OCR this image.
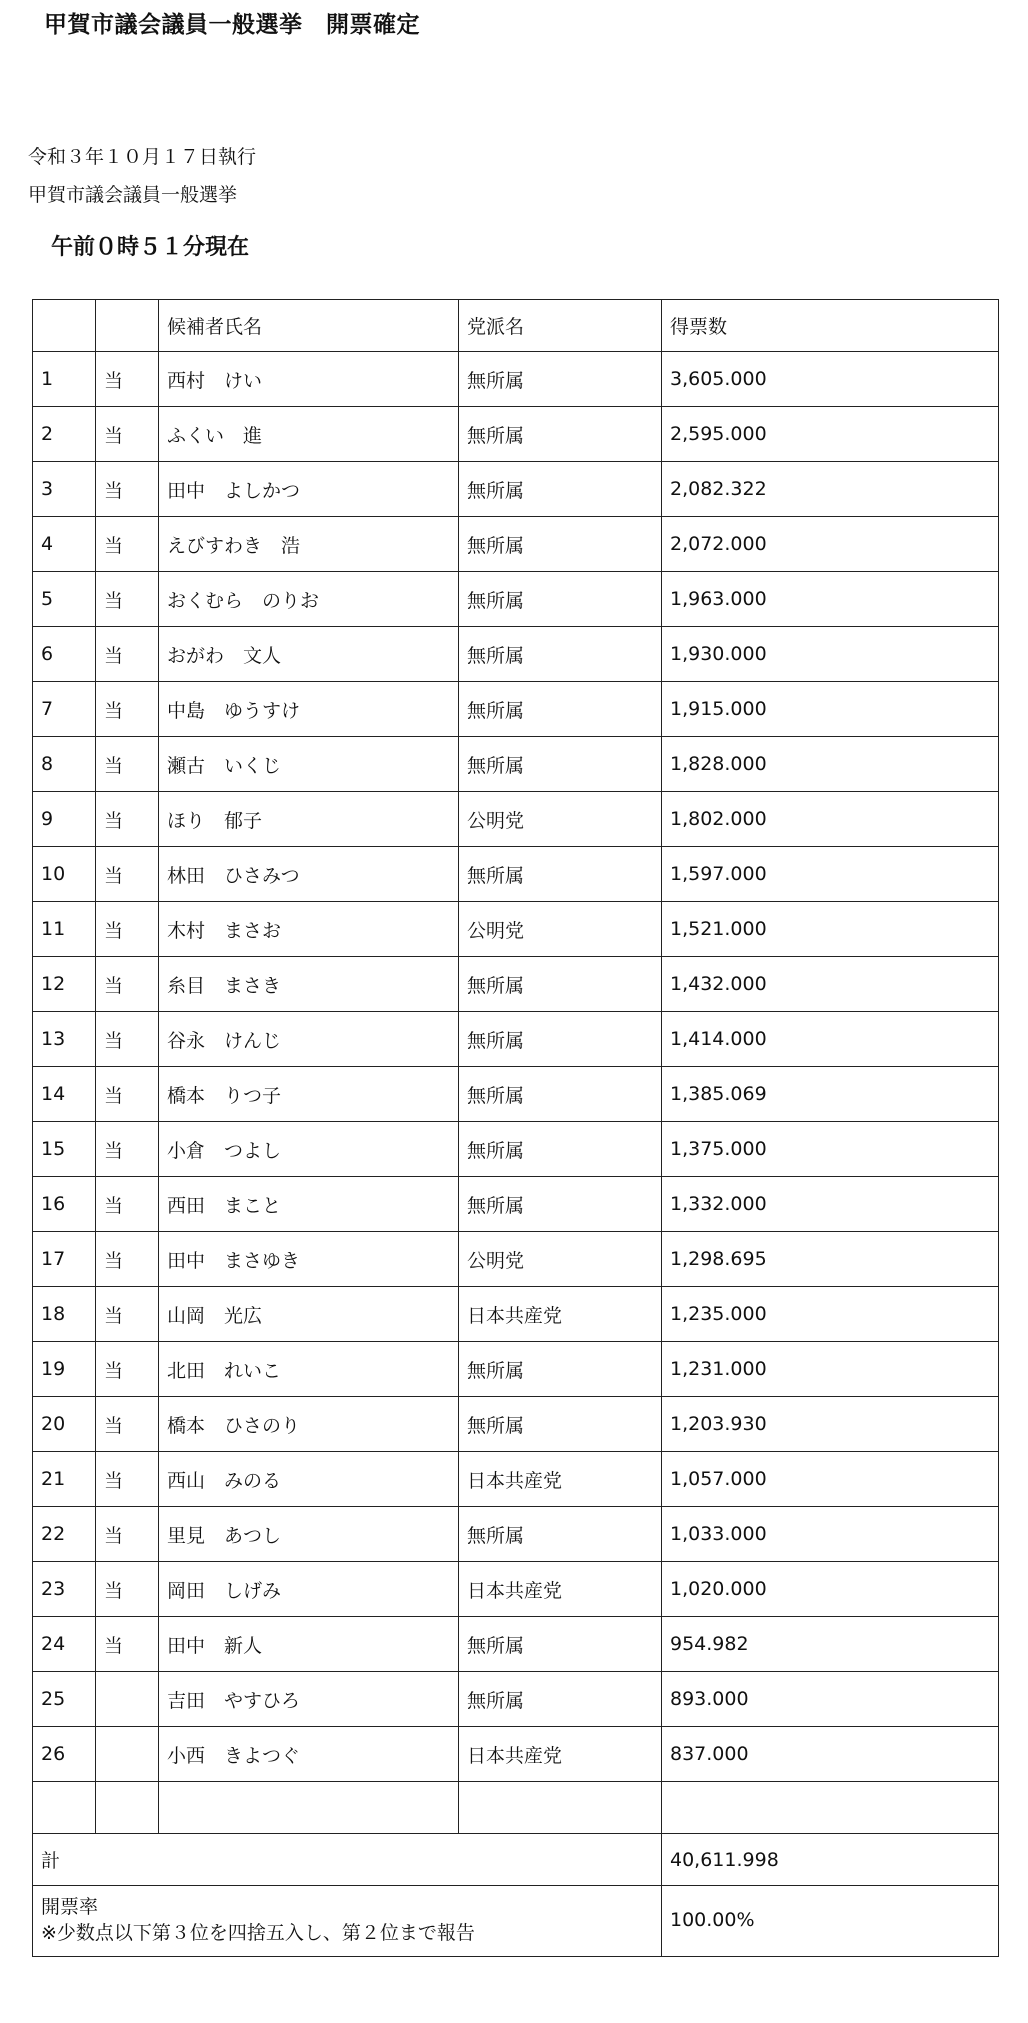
甲賀市議会議員一般選挙　開票確定
令和３年１０月１７日執行
甲賀市議会議員一般選挙
午前０時５１分現在
		候補者氏名	党派名	得票数
1	当	西村　けい	無所属	3,605.000
2	当	ふくい　進	無所属	2,595.000
3	当	田中　よしかつ	無所属	2,082.322
4	当	えびすわき　浩	無所属	2,072.000
5	当	おくむら　のりお	無所属	1,963.000
6	当	おがわ　文人	無所属	1,930.000
7	当	中島　ゆうすけ	無所属	1,915.000
8	当	瀬古　いくじ	無所属	1,828.000
9	当	ほり　郁子	公明党	1,802.000
10	当	林田　ひさみつ	無所属	1,597.000
11	当	木村　まさお	公明党	1,521.000
12	当	糸目　まさき	無所属	1,432.000
13	当	谷永　けんじ	無所属	1,414.000
14	当	橋本　りつ子	無所属	1,385.069
15	当	小倉　つよし	無所属	1,375.000
16	当	西田　まこと	無所属	1,332.000
17	当	田中　まさゆき	公明党	1,298.695
18	当	山岡　光広	日本共産党	1,235.000
19	当	北田　れいこ	無所属	1,231.000
20	当	橋本　ひさのり	無所属	1,203.930
21	当	西山　みのる	日本共産党	1,057.000
22	当	里見　あつし	無所属	1,033.000
23	当	岡田　しげみ	日本共産党	1,020.000
24	当	田中　新人	無所属	954.982
25		吉田　やすひろ	無所属	893.000
26		小西　きよつぐ	日本共産党	837.000

計				40,611.998

開票率
※少数点以下第３位を四捨五入し、第２位まで報告				100.00%
